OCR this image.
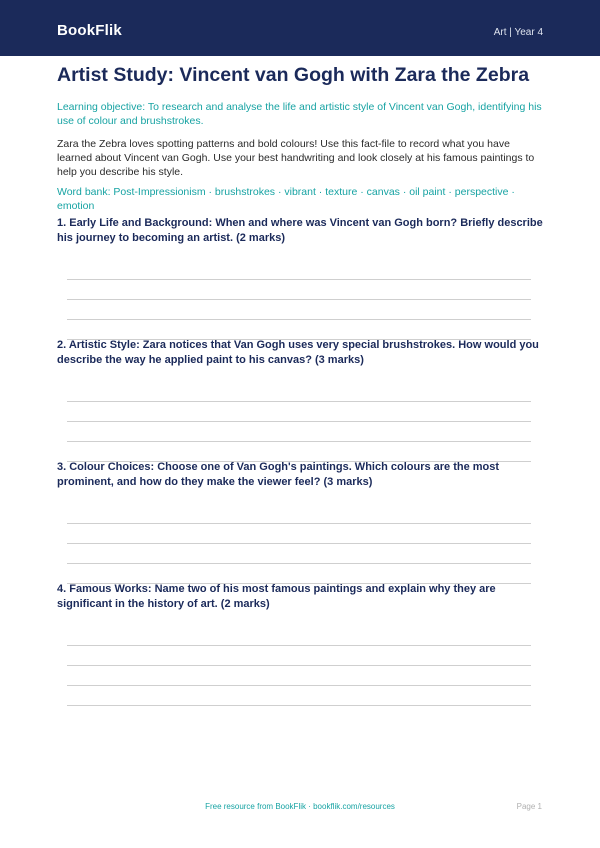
BookFlik	Art | Year 4
Artist Study: Vincent van Gogh with Zara the Zebra
Learning objective: To research and analyse the life and artistic style of Vincent van Gogh, identifying his use of colour and brushstrokes.
Zara the Zebra loves spotting patterns and bold colours! Use this fact-file to record what you have learned about Vincent van Gogh. Use your best handwriting and look closely at his famous paintings to help you describe his style.
Word bank: Post-Impressionism · brushstrokes · vibrant · texture · canvas · oil paint · perspective · emotion
1. Early Life and Background: When and where was Vincent van Gogh born? Briefly describe his journey to becoming an artist. (2 marks)
2. Artistic Style: Zara notices that Van Gogh uses very special brushstrokes. How would you describe the way he applied paint to his canvas? (3 marks)
3. Colour Choices: Choose one of Van Gogh's paintings. Which colours are the most prominent, and how do they make the viewer feel? (3 marks)
4. Famous Works: Name two of his most famous paintings and explain why they are significant in the history of art. (2 marks)
Free resource from BookFlik · bookflik.com/resources	Page 1
